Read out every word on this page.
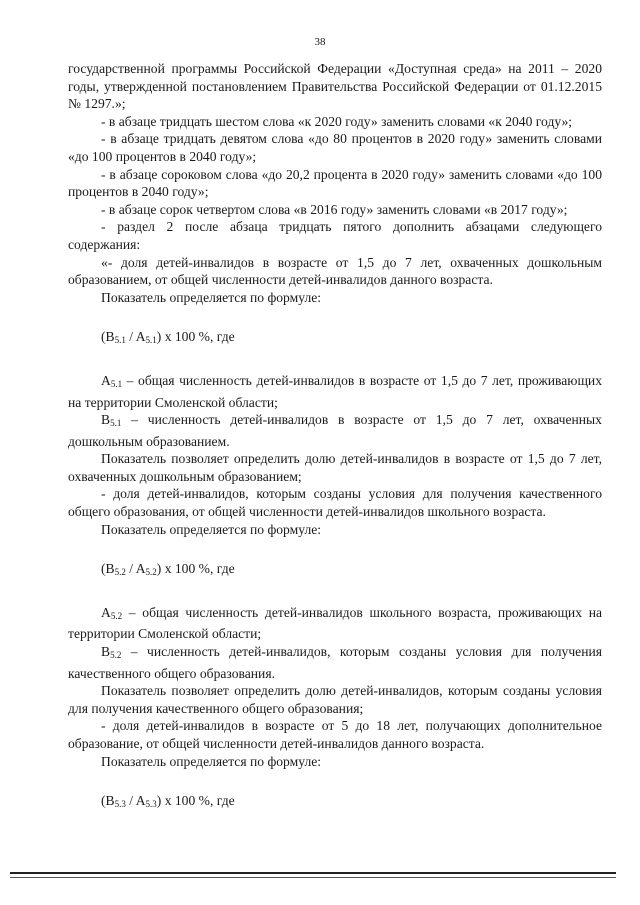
38

государственной программы Российской Федерации «Доступная среда» на 2011 – 2020 годы, утвержденной постановлением Правительства Российской Федерации от 01.12.2015 № 1297.»;

- в абзаце тридцать шестом слова «к 2020 году» заменить словами «к 2040 году»;

- в абзаце тридцать девятом слова «до 80 процентов в 2020 году» заменить словами «до 100 процентов в 2040 году»;

- в абзаце сороковом слова «до 20,2 процента в 2020 году» заменить словами «до 100 процентов в 2040 году»;

- в абзаце сорок четвертом слова «в 2016 году» заменить словами «в 2017 году»;

- раздел 2 после абзаца тридцать пятого дополнить абзацами следующего содержания:

«- доля детей-инвалидов в возрасте от 1,5 до 7 лет, охваченных дошкольным образованием, от общей численности детей-инвалидов данного возраста.

Показатель определяется по формуле:

$(B_{5.1} / A_{5.1})$ x 100 %, где

$A_{5.1}$ – общая численность детей-инвалидов в возрасте от 1,5 до 7 лет, проживающих на территории Смоленской области;

$B_{5.1}$ – численность детей-инвалидов в возрасте от 1,5 до 7 лет, охваченных дошкольным образованием.

Показатель позволяет определить долю детей-инвалидов в возрасте от 1,5 до 7 лет, охваченных дошкольным образованием;

- доля детей-инвалидов, которым созданы условия для получения качественного общего образования, от общей численности детей-инвалидов школьного возраста.

Показатель определяется по формуле:

$(B_{5.2} / A_{5.2})$ x 100 %, где

$A_{5.2}$ – общая численность детей-инвалидов школьного возраста, проживающих на территории Смоленской области;

$B_{5.2}$ – численность детей-инвалидов, которым созданы условия для получения качественного общего образования.

Показатель позволяет определить долю детей-инвалидов, которым созданы условия для получения качественного общего образования;

- доля детей-инвалидов в возрасте от 5 до 18 лет, получающих дополнительное образование, от общей численности детей-инвалидов данного возраста.

Показатель определяется по формуле:

$(B_{5.3} / A_{5.3})$ x 100 %, где
